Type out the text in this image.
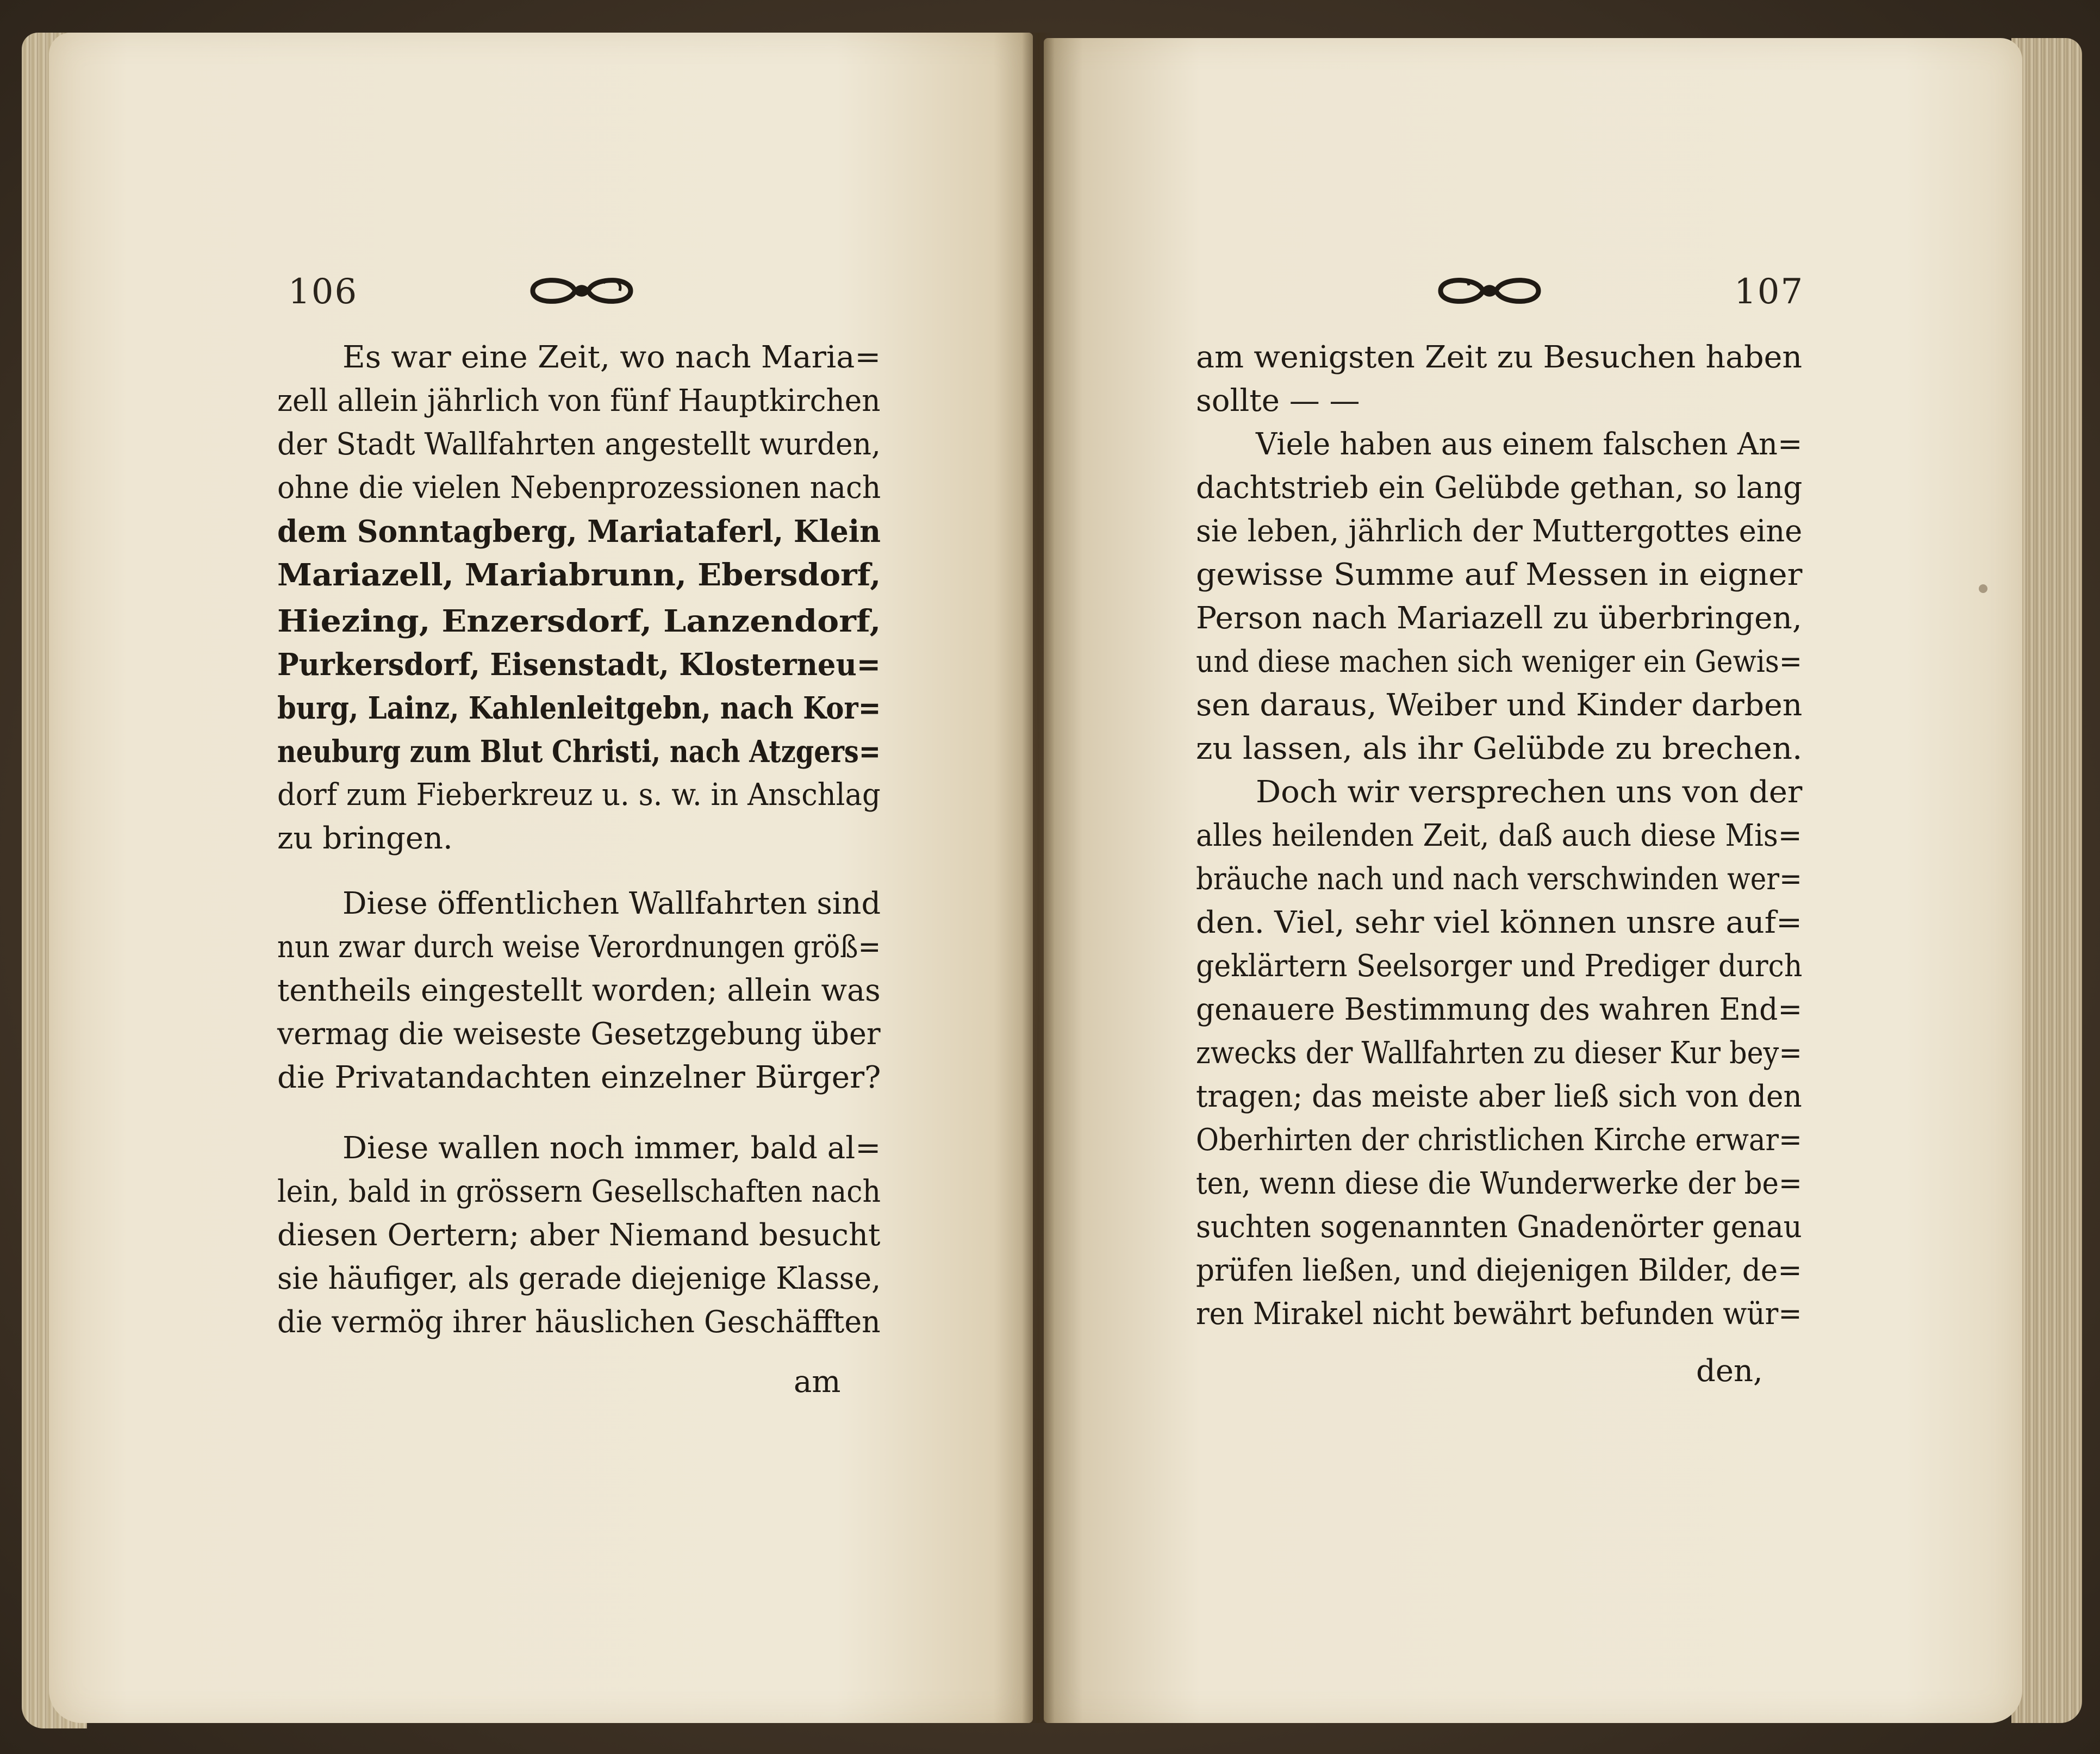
106
Es war eine Zeit, wo nach Maria=
zell allein jährlich von fünf Hauptkirchen
der Stadt Wallfahrten angestellt wurden,
ohne die vielen Nebenprozessionen nach
dem Sonntagberg, Mariataferl, Klein
Mariazell, Mariabrunn, Ebersdorf,
Hiezing, Enzersdorf, Lanzendorf,
Purkersdorf, Eisenstadt, Klosterneu=
burg, Lainz, Kahlenleitgebn, nach Kor=
neuburg zum Blut Christi, nach Atzgers=
dorf zum Fieberkreuz u. s. w. in Anschlag
zu bringen.
Diese öffentlichen Wallfahrten sind
nun zwar durch weise Verordnungen größ=
tentheils eingestellt worden; allein was
vermag die weiseste Gesetzgebung über
die Privatandachten einzelner Bürger?
Diese wallen noch immer, bald al=
lein, bald in grössern Gesellschaften nach
diesen Oertern; aber Niemand besucht
sie häufiger, als gerade diejenige Klasse,
die vermög ihrer häuslichen Geschäfften
am
107
am wenigsten Zeit zu Besuchen haben
sollte — —
Viele haben aus einem falschen An=
dachtstrieb ein Gelübde gethan, so lang
sie leben, jährlich der Muttergottes eine
gewisse Summe auf Messen in eigner
Person nach Mariazell zu überbringen,
und diese machen sich weniger ein Gewis=
sen daraus, Weiber und Kinder darben
zu lassen, als ihr Gelübde zu brechen.
Doch wir versprechen uns von der
alles heilenden Zeit, daß auch diese Mis=
bräuche nach und nach verschwinden wer=
den. Viel, sehr viel können unsre auf=
geklärtern Seelsorger und Prediger durch
genauere Bestimmung des wahren End=
zwecks der Wallfahrten zu dieser Kur bey=
tragen; das meiste aber ließ sich von den
Oberhirten der christlichen Kirche erwar=
ten, wenn diese die Wunderwerke der be=
suchten sogenannten Gnadenörter genau
prüfen ließen, und diejenigen Bilder, de=
ren Mirakel nicht bewährt befunden wür=
den,
